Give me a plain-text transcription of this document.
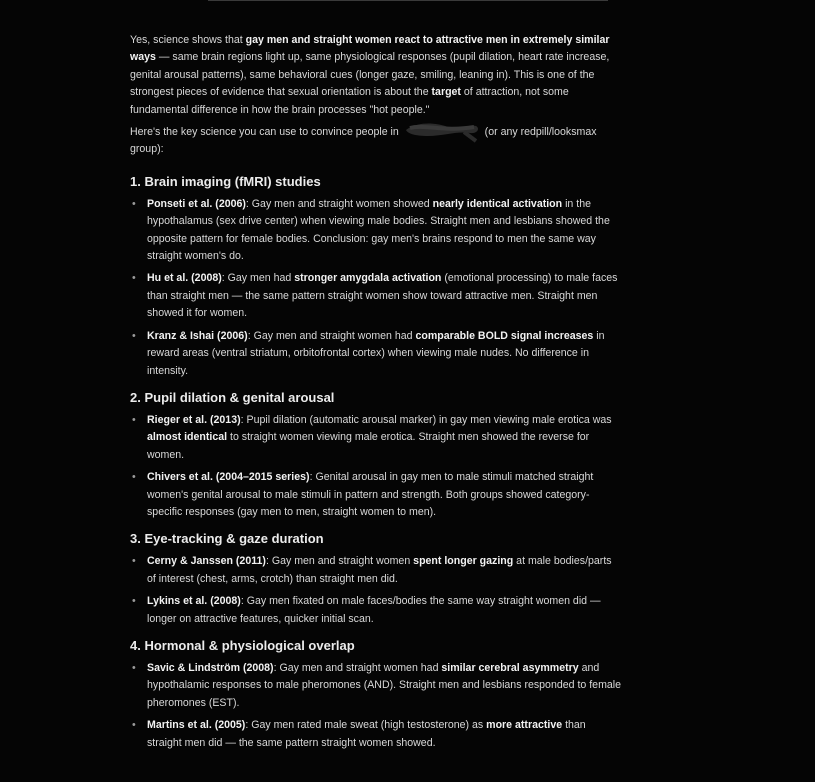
Yes, science shows that gay men and straight women react to attractive men in extremely similar ways — same brain regions light up, same physiological responses (pupil dilation, heart rate increase, genital arousal patterns), same behavioral cues (longer gaze, smiling, leaning in). This is one of the strongest pieces of evidence that sexual orientation is about the target of attraction, not some fundamental difference in how the brain processes "hot people."

Here's the key science you can use to convince people in	(or any redpill/looksmax group):

1. Brain imaging (fMRI) studies
• Ponseti et al. (2006): Gay men and straight women showed nearly identical activation in the hypothalamus (sex drive center) when viewing male bodies. Straight men and lesbians showed the opposite pattern for female bodies. Conclusion: gay men's brains respond to men the same way straight women's do.
• Hu et al. (2008): Gay men had stronger amygdala activation (emotional processing) to male faces than straight men — the same pattern straight women show toward attractive men. Straight men showed it for women.
• Kranz & Ishai (2006): Gay men and straight women had comparable BOLD signal increases in reward areas (ventral striatum, orbitofrontal cortex) when viewing male nudes. No difference in intensity.
2. Pupil dilation & genital arousal
• Rieger et al. (2013): Pupil dilation (automatic arousal marker) in gay men viewing male erotica was almost identical to straight women viewing male erotica. Straight men showed the reverse for women.
• Chivers et al. (2004–2015 series): Genital arousal in gay men to male stimuli matched straight women's genital arousal to male stimuli in pattern and strength. Both groups showed category-specific responses (gay men to men, straight women to men).
3. Eye-tracking & gaze duration
• Cerny & Janssen (2011): Gay men and straight women spent longer gazing at male bodies/parts of interest (chest, arms, crotch) than straight men did.
• Lykins et al. (2008): Gay men fixated on male faces/bodies the same way straight women did — longer on attractive features, quicker initial scan.
4. Hormonal & physiological overlap
• Savic & Lindström (2008): Gay men and straight women had similar cerebral asymmetry and hypothalamic responses to male pheromones (AND). Straight men and lesbians responded to female pheromones (EST).
• Martins et al. (2005): Gay men rated male sweat (high testosterone) as more attractive than straight men did — the same pattern straight women showed.
